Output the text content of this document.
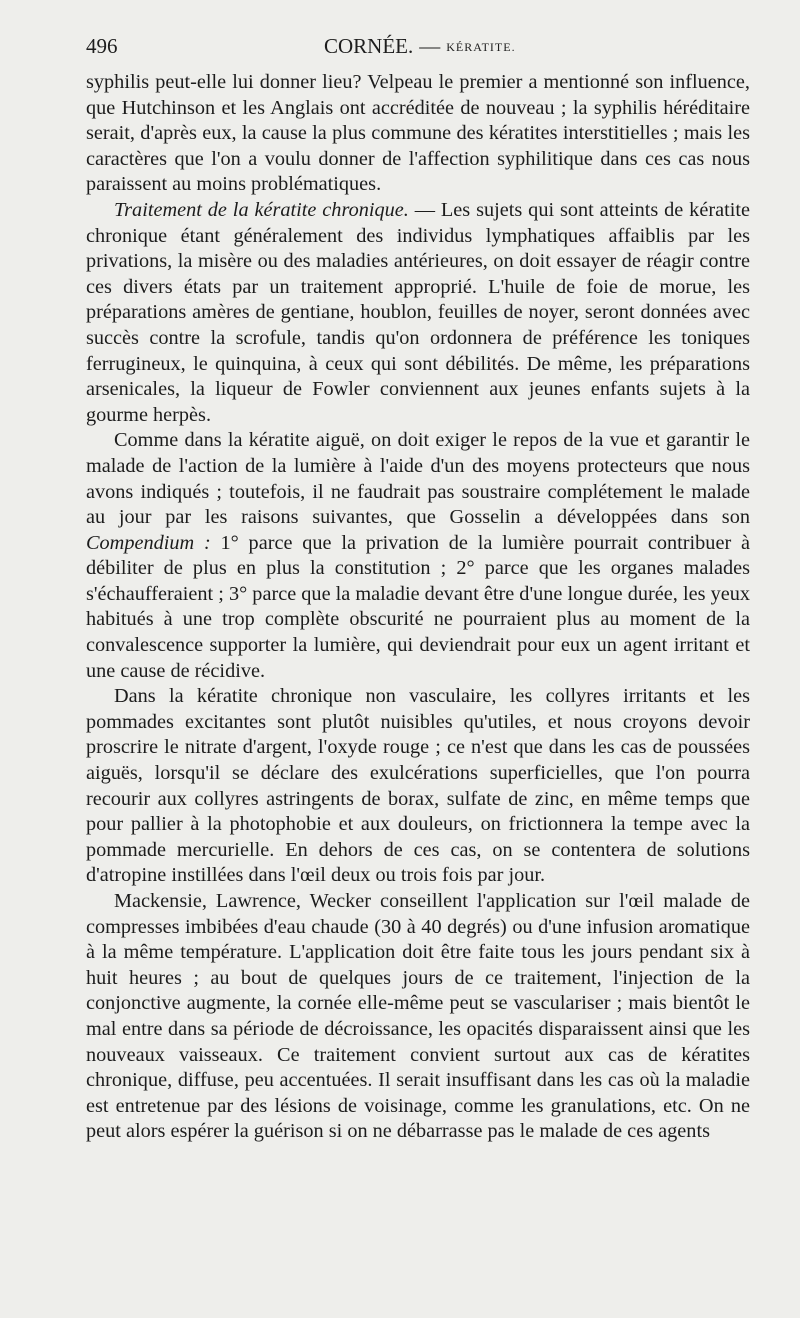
496	CORNÉE. — KÉRATITE.

syphilis peut-elle lui donner lieu? Velpeau le premier a mentionné son influence, que Hutchinson et les Anglais ont accréditée de nouveau ; la syphilis héréditaire serait, d'après eux, la cause la plus commune des kératites interstitielles ; mais les caractères que l'on a voulu donner de l'affection syphilitique dans ces cas nous paraissent au moins problématiques.

Traitement de la kératite chronique. — Les sujets qui sont atteints de kératite chronique étant généralement des individus lymphatiques affaiblis par les privations, la misère ou des maladies antérieures, on doit essayer de réagir contre ces divers états par un traitement approprié. L'huile de foie de morue, les préparations amères de gentiane, houblon, feuilles de noyer, seront données avec succès contre la scrofule, tandis qu'on ordonnera de préférence les toniques ferrugineux, le quinquina, à ceux qui sont débilités. De même, les préparations arsenicales, la liqueur de Fowler conviennent aux jeunes enfants sujets à la gourme herpès.

Comme dans la kératite aiguë, on doit exiger le repos de la vue et garantir le malade de l'action de la lumière à l'aide d'un des moyens protecteurs que nous avons indiqués ; toutefois, il ne faudrait pas soustraire complétement le malade au jour par les raisons suivantes, que Gosselin a développées dans son Compendium : 1° parce que la privation de la lumière pourrait contribuer à débiliter de plus en plus la constitution ; 2° parce que les organes malades s'échaufferaient ; 3° parce que la maladie devant être d'une longue durée, les yeux habitués à une trop complète obscurité ne pourraient plus au moment de la convalescence supporter la lumière, qui deviendrait pour eux un agent irritant et une cause de récidive.

Dans la kératite chronique non vasculaire, les collyres irritants et les pommades excitantes sont plutôt nuisibles qu'utiles, et nous croyons devoir proscrire le nitrate d'argent, l'oxyde rouge ; ce n'est que dans les cas de poussées aiguës, lorsqu'il se déclare des exulcérations superficielles, que l'on pourra recourir aux collyres astringents de borax, sulfate de zinc, en même temps que pour pallier à la photophobie et aux douleurs, on frictionnera la tempe avec la pommade mercurielle. En dehors de ces cas, on se contentera de solutions d'atropine instillées dans l'œil deux ou trois fois par jour.

Mackensie, Lawrence, Wecker conseillent l'application sur l'œil malade de compresses imbibées d'eau chaude (30 à 40 degrés) ou d'une infusion aromatique à la même température. L'application doit être faite tous les jours pendant six à huit heures ; au bout de quelques jours de ce traitement, l'injection de la conjonctive augmente, la cornée elle-même peut se vasculariser ; mais bientôt le mal entre dans sa période de décroissance, les opacités disparaissent ainsi que les nouveaux vaisseaux. Ce traitement convient surtout aux cas de kératites chronique, diffuse, peu accentuées. Il serait insuffisant dans les cas où la maladie est entretenue par des lésions de voisinage, comme les granulations, etc. On ne peut alors espérer la guérison si on ne débarrasse pas le malade de ces agents
